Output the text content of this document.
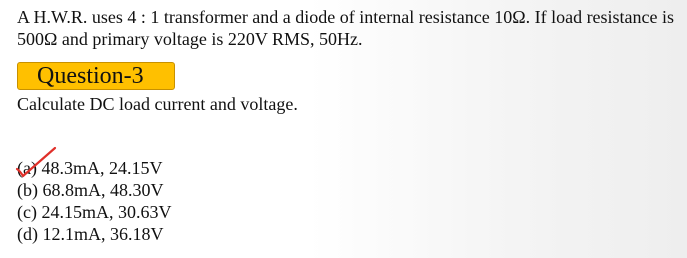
A H.W.R. uses 4 : 1 transformer and a diode of internal resistance 10Ω. If load resistance is
500Ω and primary voltage is 220V RMS, 50Hz.

Question-3

Calculate DC load current and voltage.

(a) 48.3mA, 24.15V
(b) 68.8mA, 48.30V
(c) 24.15mA, 30.63V
(d) 12.1mA, 36.18V
